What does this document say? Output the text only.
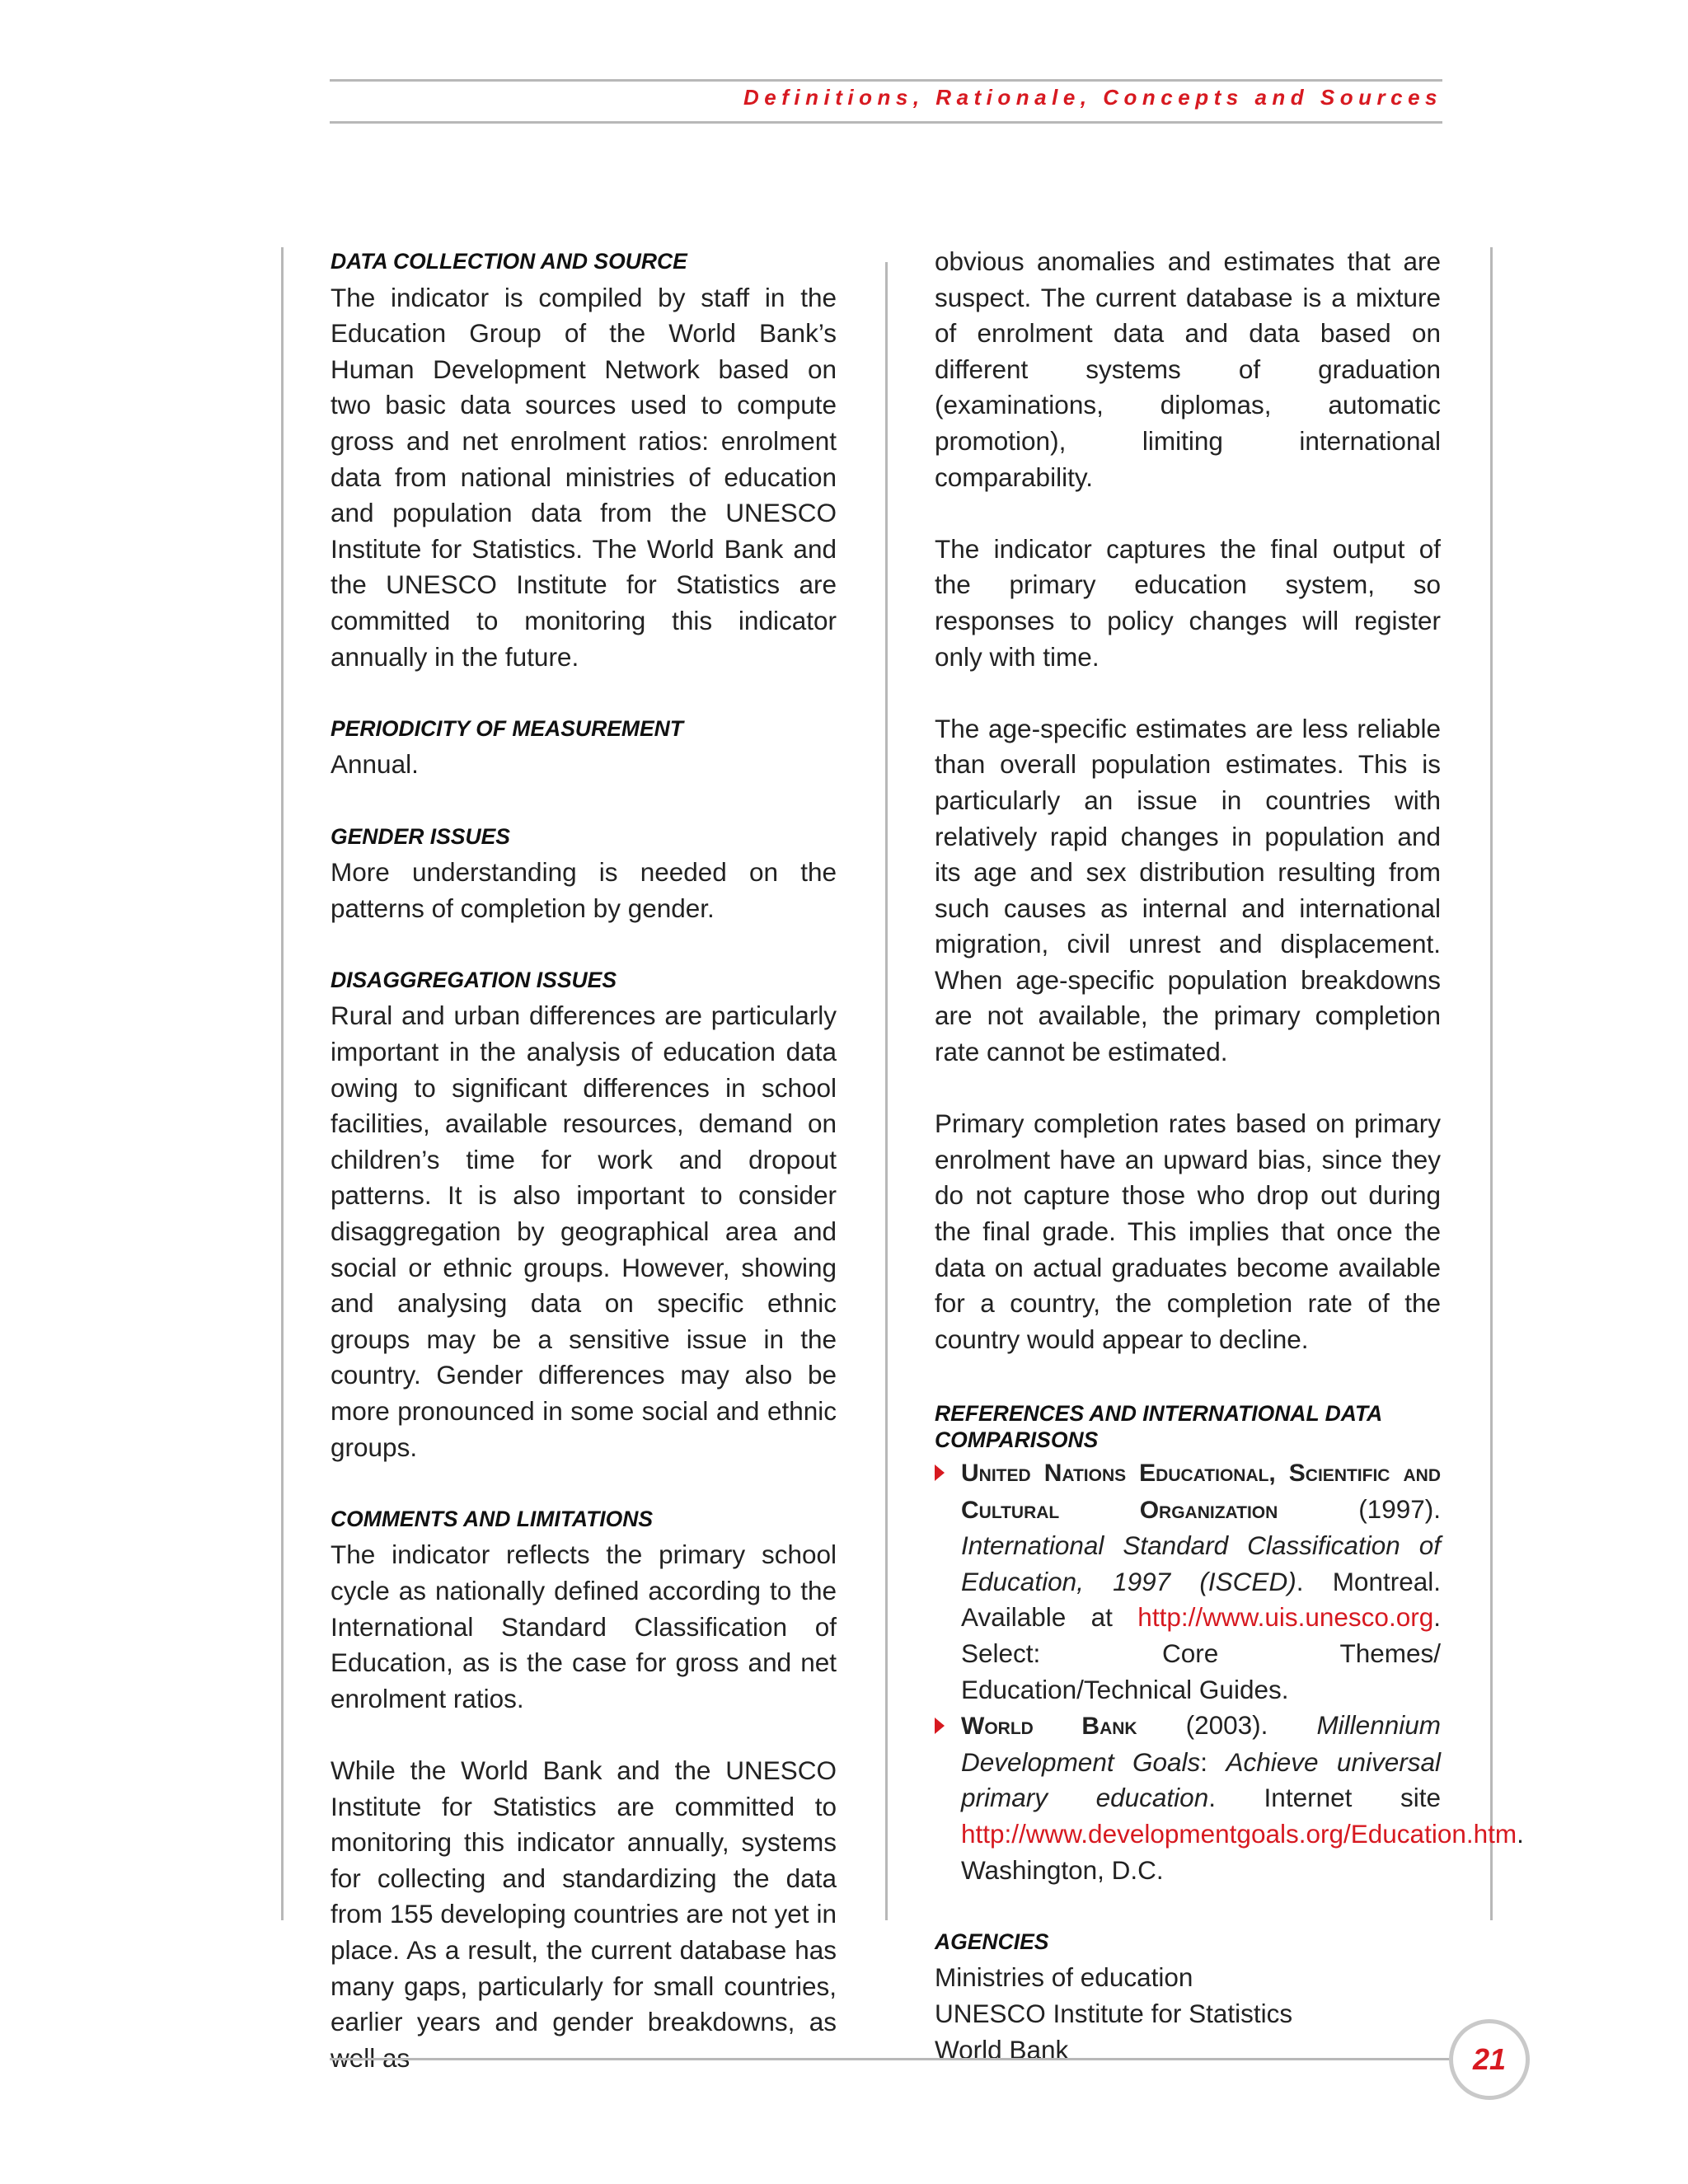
Definitions, Rationale, Concepts and Sources
DATA COLLECTION AND SOURCE

The indicator is compiled by staff in the Education Group of the World Bank’s Human Development Network based on two basic data sources used to compute gross and net enrolment ratios: enrolment data from national ministries of education and population data from the UNESCO Institute for Statistics. The World Bank and the UNESCO Institute for Statistics are committed to monitoring this indicator annually in the future.

PERIODICITY OF MEASUREMENT

Annual.

GENDER ISSUES

More understanding is needed on the patterns of completion by gender.

DISAGGREGATION ISSUES

Rural and urban differences are particularly important in the analysis of education data owing to significant differences in school facilities, available resources, demand on children’s time for work and dropout patterns. It is also important to consider disaggregation by geographical area and social or ethnic groups. However, showing and analysing data on specific ethnic groups may be a sensitive issue in the country. Gender differences may also be more pronounced in some social and ethnic groups.

COMMENTS AND LIMITATIONS

The indicator reflects the primary school cycle as nationally defined according to the International Standard Classification of Education, as is the case for gross and net enrolment ratios.

While the World Bank and the UNESCO Institute for Statistics are committed to monitoring this indicator annually, systems for collecting and standardizing the data from 155 developing countries are not yet in place. As a result, the current database has many gaps, particularly for small countries, earlier years and gender breakdowns, as well as

obvious anomalies and estimates that are suspect. The current database is a mixture of enrolment data and data based on different systems of graduation (examinations, diplomas, automatic promotion), limiting international comparability.

The indicator captures the final output of the primary education system, so responses to policy changes will register only with time.

The age-specific estimates are less reliable than overall population estimates. This is particularly an issue in countries with relatively rapid changes in population and its age and sex distribution resulting from such causes as internal and international migration, civil unrest and displacement. When age-specific population breakdowns are not available, the primary completion rate cannot be estimated.

Primary completion rates based on primary enrolment have an upward bias, since they do not capture those who drop out during the final grade. This implies that once the data on actual graduates become available for a country, the completion rate of the country would appear to decline.

REFERENCES AND INTERNATIONAL DATA COMPARISONS
United Nations Educational, Scientific and Cultural Organization (1997). International Standard Classification of Education, 1997 (ISCED). Montreal. Available at http://www.uis.unesco.org. Select: Core Themes/ Education/Technical Guides.
World Bank (2003). Millennium Development Goals: Achieve universal primary education. Internet site http://www.developmentgoals.org/Education.htm. Washington, D.C.
AGENCIES

Ministries of education

UNESCO Institute for Statistics

World Bank	21
